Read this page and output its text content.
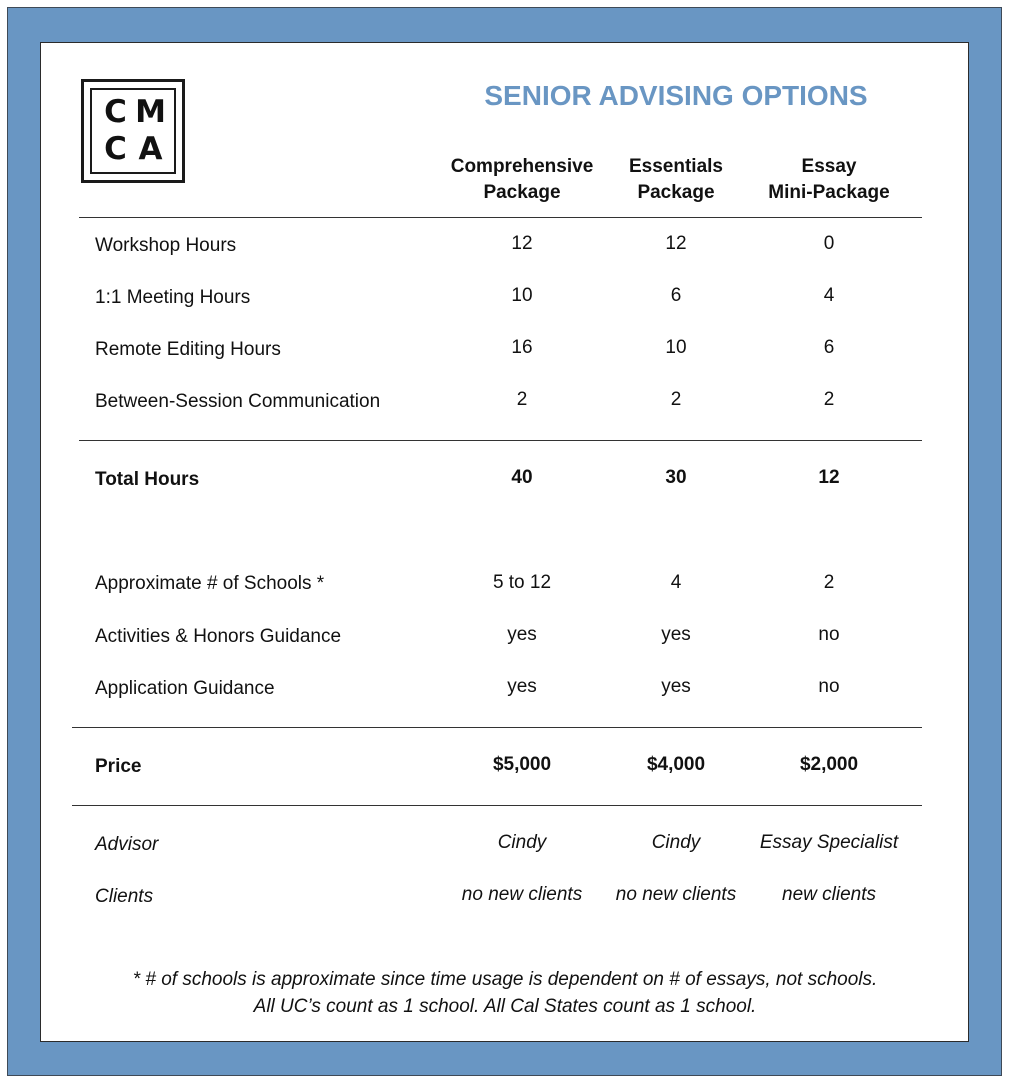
C M
C A
SENIOR ADVISING OPTIONS
Comprehensive
Package
Essentials
Package
Essay
Mini-Package
Workshop Hours	12	12	0
1:1 Meeting Hours	10	6	4
Remote Editing Hours	16	10	6
Between-Session Communication	2	2	2
Total Hours	40	30	12
Approximate # of Schools *	5 to 12	4	2
Activities & Honors Guidance	yes	yes	no
Application Guidance	yes	yes	no
Price	$5,000	$4,000	$2,000
Advisor	Cindy	Cindy	Essay Specialist
Clients	no new clients	no new clients	new clients
* # of schools is approximate since time usage is dependent on # of essays, not schools.
All UC’s count as 1 school. All Cal States count as 1 school.
